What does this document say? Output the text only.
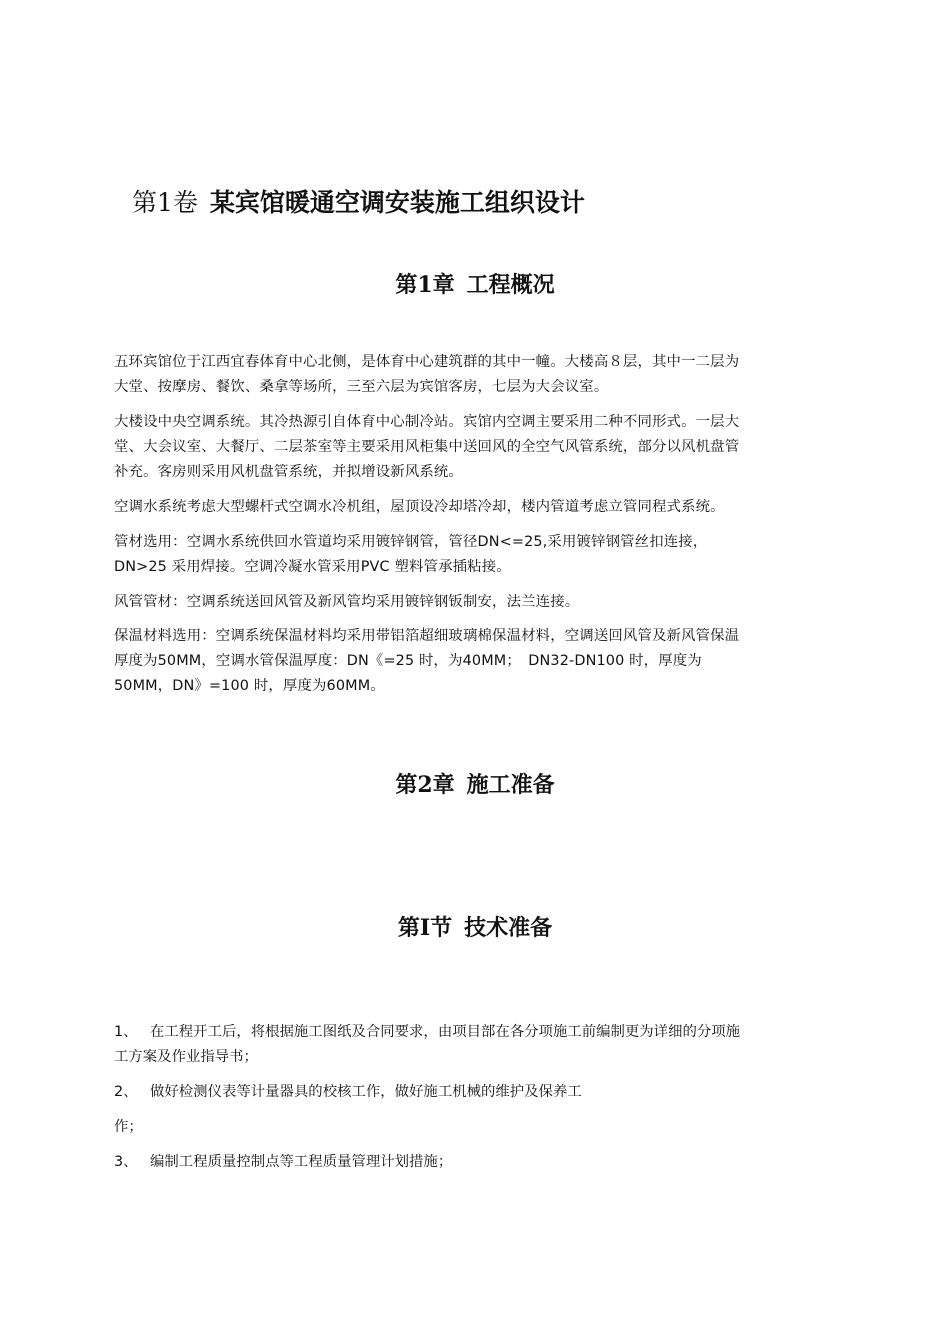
第1卷 某宾馆暖通空调安装施工组织设计
第1章 工程概况

五环宾馆位于江西宜春体育中心北侧，是体育中心建筑群的其中一幢。大楼高８层，其中一二层为

大堂、按摩房、餐饮、桑拿等场所，三至六层为宾馆客房，七层为大会议室。

大楼设中央空调系统。其冷热源引自体育中心制冷站。宾馆内空调主要采用二种不同形式。一层大

堂、大会议室、大餐厅、二层茶室等主要采用风柜集中送回风的全空气风管系统，部分以风机盘管

补充。客房则采用风机盘管系统，并拟增设新风系统。

空调水系统考虑大型螺杆式空调水冷机组，屋顶设冷却塔冷却，楼内管道考虑立管同程式系统。

管材选用：空调水系统供回水管道均采用镀锌钢管，管径DN<=25,采用镀锌钢管丝扣连接，

DN>25 采用焊接。空调冷凝水管采用PVC 塑料管承插粘接。

风管管材：空调系统送回风管及新风管均采用镀锌钢钣制安，法兰连接。

保温材料选用：空调系统保温材料均采用带铝箔超细玻璃棉保温材料，空调送回风管及新风管保温

厚度为50MM，空调水管保温厚度：DN《=25 时，为40MM；　DN32-DN100 时，厚度为

50MM，DN》=100 时，厚度为60MM。

第2章 施工准备
第Ⅰ节 技术准备

1、 在工程开工后，将根据施工图纸及合同要求，由项目部在各分项施工前编制更为详细的分项施

工方案及作业指导书；

2、 做好检测仪表等计量器具的校核工作，做好施工机械的维护及保养工

作；

3、 编制工程质量控制点等工程质量管理计划措施；
